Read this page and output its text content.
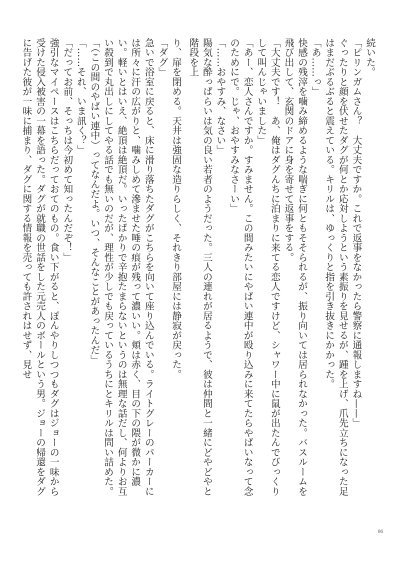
続いた。
「ピリンガムさん？　大丈夫ですか。これで返事をなかったら警察に通報しますね——」
ぐったりと顔を伏せたダグが何とか応対しようという素振りを見せるが、踵を上げ、爪先立ちになった足はまだぶるぶると震えている。キリルは、ゆっくりと指を引き抜きにかかった。
「あ……っ」
快感の残滓を噛み締めるような喘ぎに何ともそそられるが、振り向いては居られなかった。バスルームを飛び出して、玄関のドアに身を寄せて返事をする。
「大丈夫です！　あ、俺はダグんちに泊まりに来てる恋人ですけど、シャワー中に鼠が出たんでびっくりして叫んじゃいました」
「あー、恋人さんですか。すみません。この間みたいにやばい連中が殴り込みに来てたらやばいなって念のためにで。じゃ、おやすみなさーい」
「……おやすみ、なさい」
陽気な酔っぱらいは気の良い若者のようだった。三人の連れが居るようで、彼は仲間と一緒にどやどやと階段を上
り、扉を閉める。天井は強固な造りらしく、それきり部屋には静寂が戻った。
「ダグ」
急いで浴室に戻ると、床に滑り落ちたダグがこちらを向いて座り込んでいる。ライトグレーのパーカーには所々に汗の広がりと、噛みしめて滲ませた唾の痕が残って濃いい。頬は赤く、目の下の隈が微かに濃い。軽いとはいえ、絶頂は絶頂だ。いったばかりで辛抱たまらないというのは無理な話だし、何よりお互い殺到で丸出しにしてやる話でも無いのだが、理性が少しでも戻っているうちにとキリルは問い詰めた。
「（この間のやばい連中）ってなんだよ。いつ、そんなことがあったんだ」
「……それ、いま訊く？」
「だってお前、そっちは今初めて知ったんだぞ！」
強引なマイペースはこちらだっておてのもの。食い下がると、ぽんやりしつつもダグはジョーの一味から受けた侵入被害の一幕を語った。ダグが就職の世話をした元売人のボールという男。ジョーの帰還をダグに告げた彼が一味に捕まり、ダグに関する情報を売っても許されはせず、見せ
86
